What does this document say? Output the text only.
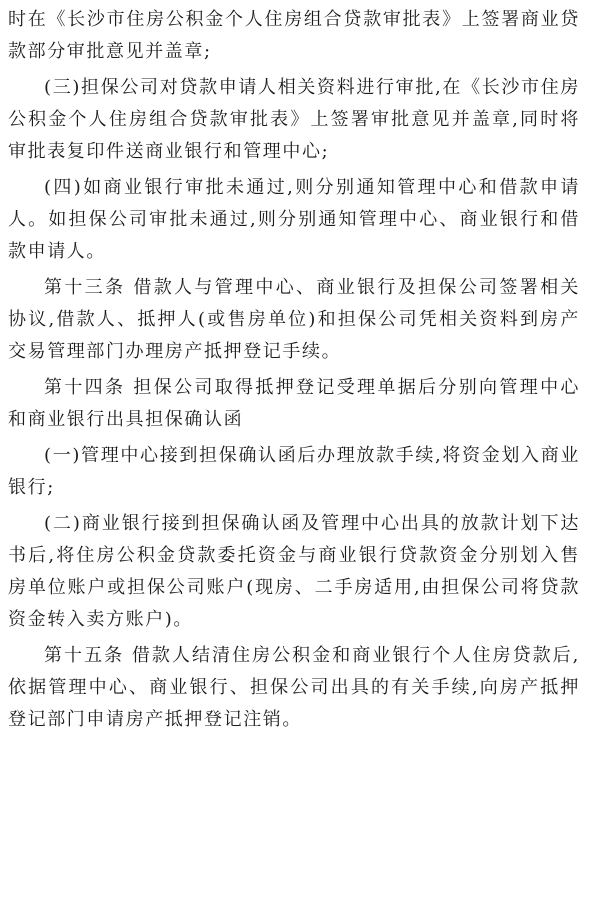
时在《长沙市住房公积金个人住房组合贷款审批表》上签署商业贷款部分审批意见并盖章;

(三)担保公司对贷款申请人相关资料进行审批,在《长沙市住房公积金个人住房组合贷款审批表》上签署审批意见并盖章,同时将审批表复印件送商业银行和管理中心;

(四)如商业银行审批未通过,则分别通知管理中心和借款申请人。如担保公司审批未通过,则分别通知管理中心、商业银行和借款申请人。

第十三条 借款人与管理中心、商业银行及担保公司签署相关协议,借款人、抵押人(或售房单位)和担保公司凭相关资料到房产交易管理部门办理房产抵押登记手续。

第十四条 担保公司取得抵押登记受理单据后分别向管理中心和商业银行出具担保确认函

(一)管理中心接到担保确认函后办理放款手续,将资金划入商业银行;

(二)商业银行接到担保确认函及管理中心出具的放款计划下达书后,将住房公积金贷款委托资金与商业银行贷款资金分别划入售房单位账户或担保公司账户(现房、二手房适用,由担保公司将贷款资金转入卖方账户)。

第十五条 借款人结清住房公积金和商业银行个人住房贷款后,依据管理中心、商业银行、担保公司出具的有关手续,向房产抵押登记部门申请房产抵押登记注销。
